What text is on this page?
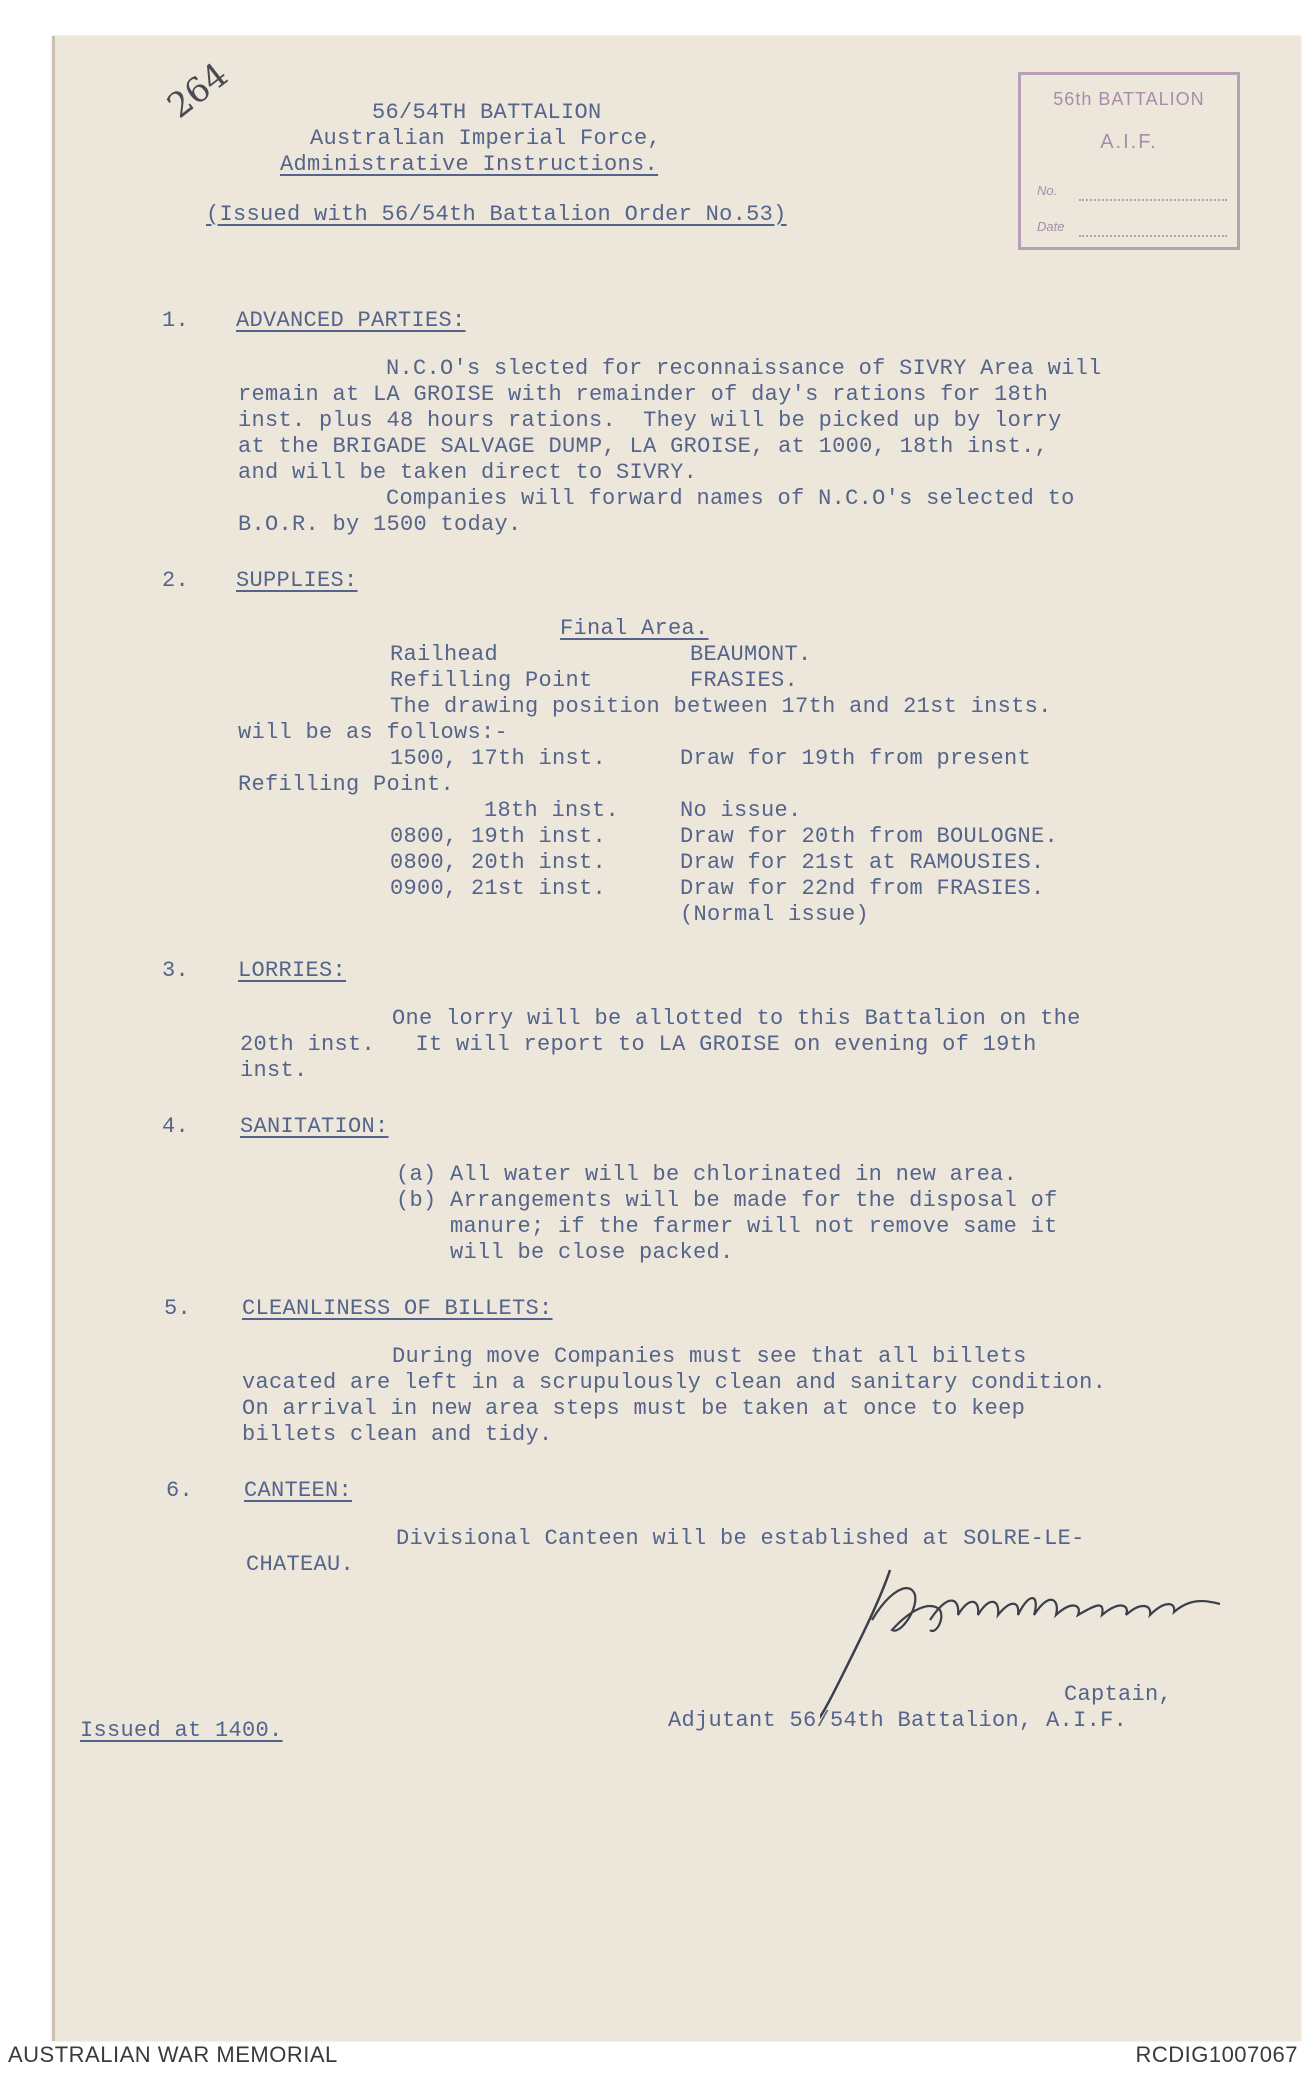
264	56th BATTALION
A.I.F.
No.
Date
56/54TH BATTALION
Australian Imperial Force,
Administrative Instructions.
(Issued with 56/54th Battalion Order No.53)
1. ADVANCED PARTIES:
N.C.O's slected for reconnaissance of SIVRY Area will
remain at LA GROISE with remainder of day's rations for 18th
inst. plus 48 hours rations.  They will be picked up by lorry
at the BRIGADE SALVAGE DUMP, LA GROISE, at 1000, 18th inst.,
and will be taken direct to SIVRY.
Companies will forward names of N.C.O's selected to
B.O.R. by 1500 today.
2. SUPPLIES:
Final Area.
Railhead	BEAUMONT.
Refilling Point	FRASIES.
The drawing position between 17th and 21st insts.
will be as follows:-
1500, 17th inst.	Draw for 19th from present
Refilling Point.
18th inst.	No issue.
0800, 19th inst.	Draw for 20th from BOULOGNE.
0800, 20th inst.	Draw for 21st at RAMOUSIES.
0900, 21st inst.	Draw for 22nd from FRASIES.
(Normal issue)
3. LORRIES:
One lorry will be allotted to this Battalion on the
20th inst.   It will report to LA GROISE on evening of 19th
inst.
4. SANITATION:
(a) All water will be chlorinated in new area.
(b) Arrangements will be made for the disposal of
manure; if the farmer will not remove same it
will be close packed.
5. CLEANLINESS OF BILLETS:
During move Companies must see that all billets
vacated are left in a scrupulously clean and sanitary condition.
On arrival in new area steps must be taken at once to keep
billets clean and tidy.
6. CANTEEN:
Divisional Canteen will be established at SOLRE-LE-
CHATEAU.
Captain,
Adjutant 56/54th Battalion, A.I.F.
Issued at 1400.
AUSTRALIAN WAR MEMORIAL	RCDIG1007067
